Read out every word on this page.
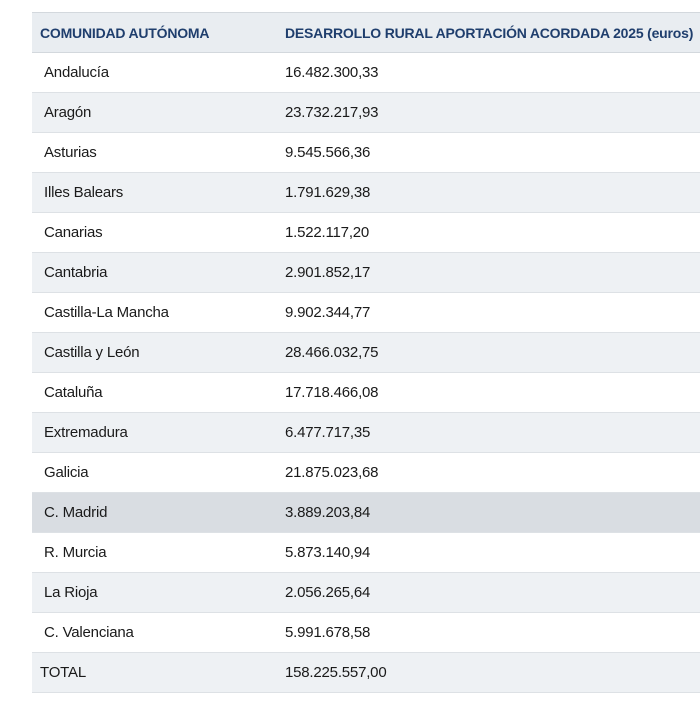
COMUNIDAD AUTÓNOMA	DESARROLLO RURAL APORTACIÓN ACORDADA 2025 (euros)
Andalucía	16.482.300,33
Aragón	23.732.217,93
Asturias	9.545.566,36
Illes Balears	1.791.629,38
Canarias	1.522.117,20
Cantabria	2.901.852,17
Castilla-La Mancha	9.902.344,77
Castilla y León	28.466.032,75
Cataluña	17.718.466,08
Extremadura	6.477.717,35
Galicia	21.875.023,68
C. Madrid	3.889.203,84
R. Murcia	5.873.140,94
La Rioja	2.056.265,64
C. Valenciana	5.991.678,58
TOTAL	158.225.557,00
